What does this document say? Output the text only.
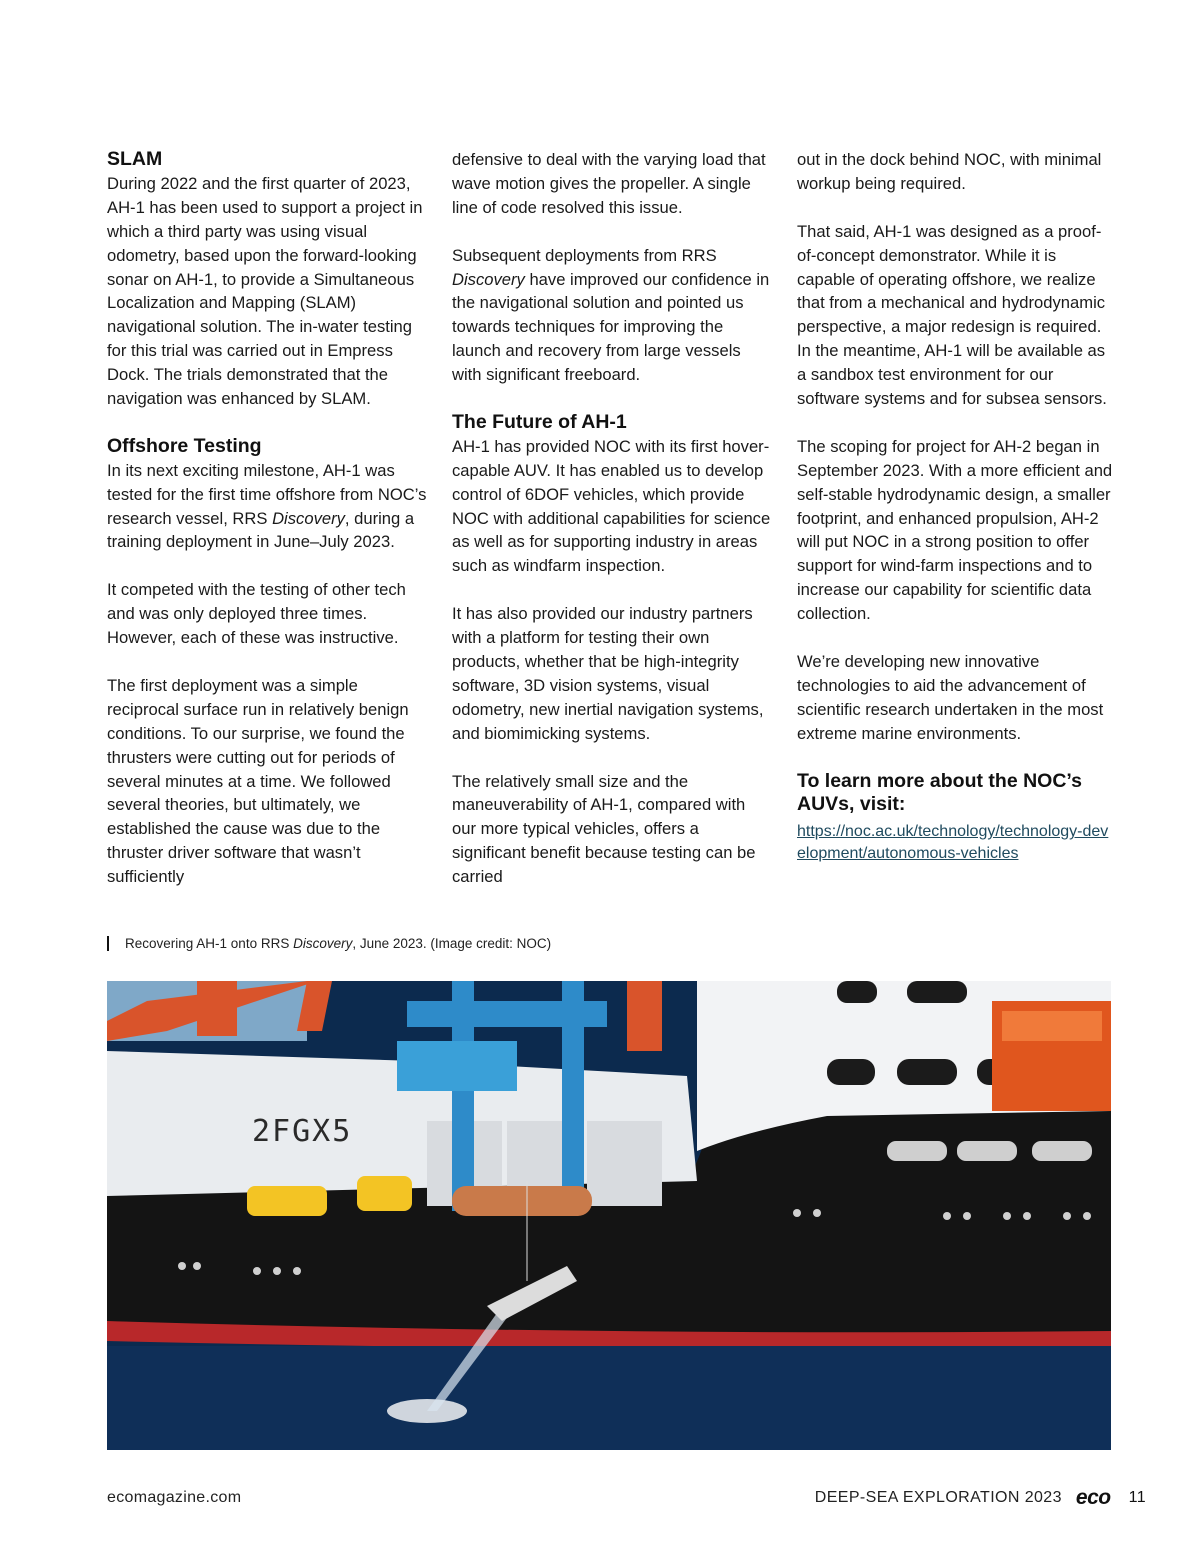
SLAM

During 2022 and the first quarter of 2023, AH-1 has been used to support a project in which a third party was using visual odometry, based upon the forward-looking sonar on AH-1, to provide a Simultaneous Localization and Mapping (SLAM) navigational solution. The in-water testing for this trial was carried out in Empress Dock. The trials demonstrated that the navigation was enhanced by SLAM.

Offshore Testing

In its next exciting milestone, AH-1 was tested for the first time offshore from NOC’s research vessel, RRS Discovery, during a training deployment in June–July 2023.

It competed with the testing of other tech and was only deployed three times. However, each of these was instructive.

The first deployment was a simple reciprocal surface run in relatively benign conditions. To our surprise, we found the thrusters were cutting out for periods of several minutes at a time. We followed several theories, but ultimately, we established the cause was due to the thruster driver software that wasn’t sufficiently

defensive to deal with the varying load that wave motion gives the propeller. A single line of code resolved this issue.

Subsequent deployments from RRS Discovery have improved our confidence in the navigational solution and pointed us towards techniques for improving the launch and recovery from large vessels with significant freeboard.

The Future of AH-1

AH-1 has provided NOC with its first hover-capable AUV. It has enabled us to develop control of 6DOF vehicles, which provide NOC with additional capabilities for science as well as for supporting industry in areas such as windfarm inspection.

It has also provided our industry partners with a platform for testing their own products, whether that be high-integrity software, 3D vision systems, visual odometry, new inertial navigation systems, and biomimicking systems.

The relatively small size and the maneuverability of AH-1, compared with our more typical vehicles, offers a significant benefit because testing can be carried

out in the dock behind NOC, with minimal workup being required.

That said, AH-1 was designed as a proof-of-concept demonstrator. While it is capable of operating offshore, we realize that from a mechanical and hydrodynamic perspective, a major redesign is required. In the meantime, AH-1 will be available as a sandbox test environment for our software systems and for subsea sensors.

The scoping for project for AH-2 began in September 2023. With a more efficient and self-stable hydrodynamic design, a smaller footprint, and enhanced propulsion, AH-2 will put NOC in a strong position to offer support for wind-farm inspections and to increase our capability for scientific data collection.

We’re developing new innovative technologies to aid the advancement of scientific research undertaken in the most extreme marine environments.

To learn more about the NOC’s AUVs, visit:
https://noc.ac.uk/technology/technology-development/autonomous-vehicles
Recovering AH-1 onto RRS Discovery, June 2023. (Image credit: NOC)
2FGX5
ecomagazine.com	DEEP-SEA EXPLORATION 2023 eco 11
